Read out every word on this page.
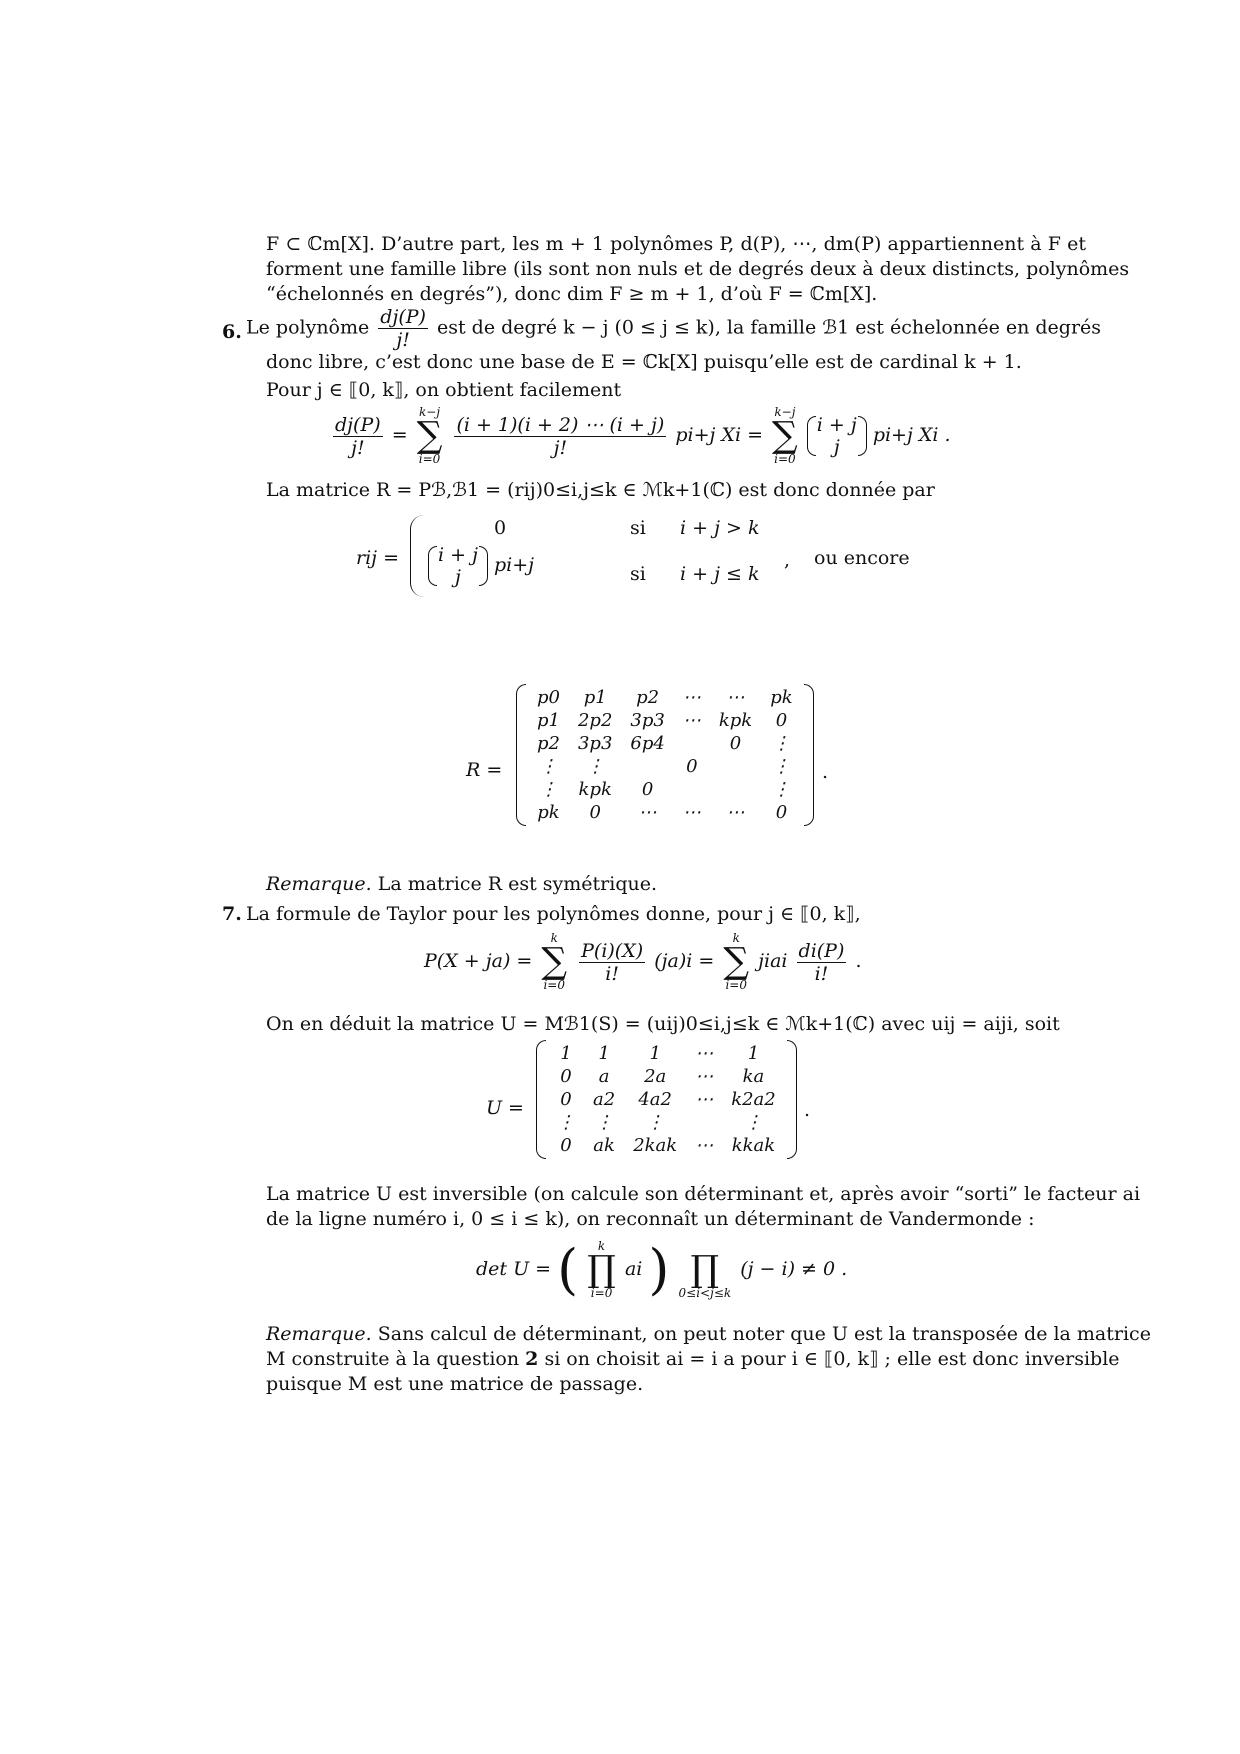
F ⊂ ℂm[X]. D’autre part, les m + 1 polynômes P, d(P), ⋯, dm(P) appartiennent à F et
forment une famille libre (ils sont non nuls et de degrés deux à deux distincts, polynômes
“échelonnés en degrés”), donc dim F ≥ m + 1, d’où F = ℂm[X].
6. Le polynôme $\frac{dj(P)}{j!}$ est de degré k − j (0 ≤ j ≤ k), la famille ℬ1 est échelonnée en degrés
donc libre, c’est donc une base de E = ℂk[X] puisqu’elle est de cardinal k + 1.
Pour j ∈ ⟦0, k⟧, on obtient facilement
$\frac{dj(P)}{j!}$ =
k−j
∑
i=0

$\frac{(i + 1)(i + 2) \cdots (i + j)}{j!} pi+j$ Xi =
k−j
∑
i=0

i + j
j
pi+j Xi .
La matrice R = Pℬ,ℬ1 = (rij)0≤i,j≤k ∈ ℳk+1(ℂ) est donc donnée par
rij =
0	si i + j > k
i + j
j
pi+j	si i + j ≤ k
, ou encore
R =
p0	p1	p2	⋯	⋯	pk
p1	2p2	3p3	⋯	kpk	0
p2	3p3	6p4		0	⋮
⋮	⋮		0		⋮
⋮	kpk	0			⋮
pk	0	⋯	⋯	⋯	0
.
Remarque. La matrice R est symétrique.
7. La formule de Taylor pour les polynômes donne, pour j ∈ ⟦0, k⟧,
P(X + ja) =
k
∑
i=0

$\frac{P(i)(X)}{i!} (ja)i$ =
k
∑
i=0
jiai $\frac{di(P)}{i!}$ .
On en déduit la matrice U = Mℬ1(S) = (uij)0≤i,j≤k ∈ ℳk+1(ℂ) avec uij = aiji, soit
U =
1	1	1	⋯	1
0	a	2a	⋯	ka
0	a2	4a2	⋯	k2a2
⋮	⋮	⋮		⋮
0	ak	2kak	⋯	kkak
.
La matrice U est inversible (on calcule son déterminant et, après avoir “sorti” le facteur ai
de la ligne numéro i, 0 ≤ i ≤ k), on reconnaît un déterminant de Vandermonde :
det U = (	k
∏
i=0
ai )
∏
0≤i<j≤k
(j − i) ≠ 0 .
Remarque. Sans calcul de déterminant, on peut noter que U est la transposée de la matrice
M construite à la question 2 si on choisit ai = i a pour i ∈ ⟦0, k⟧ ; elle est donc inversible
puisque M est une matrice de passage.
